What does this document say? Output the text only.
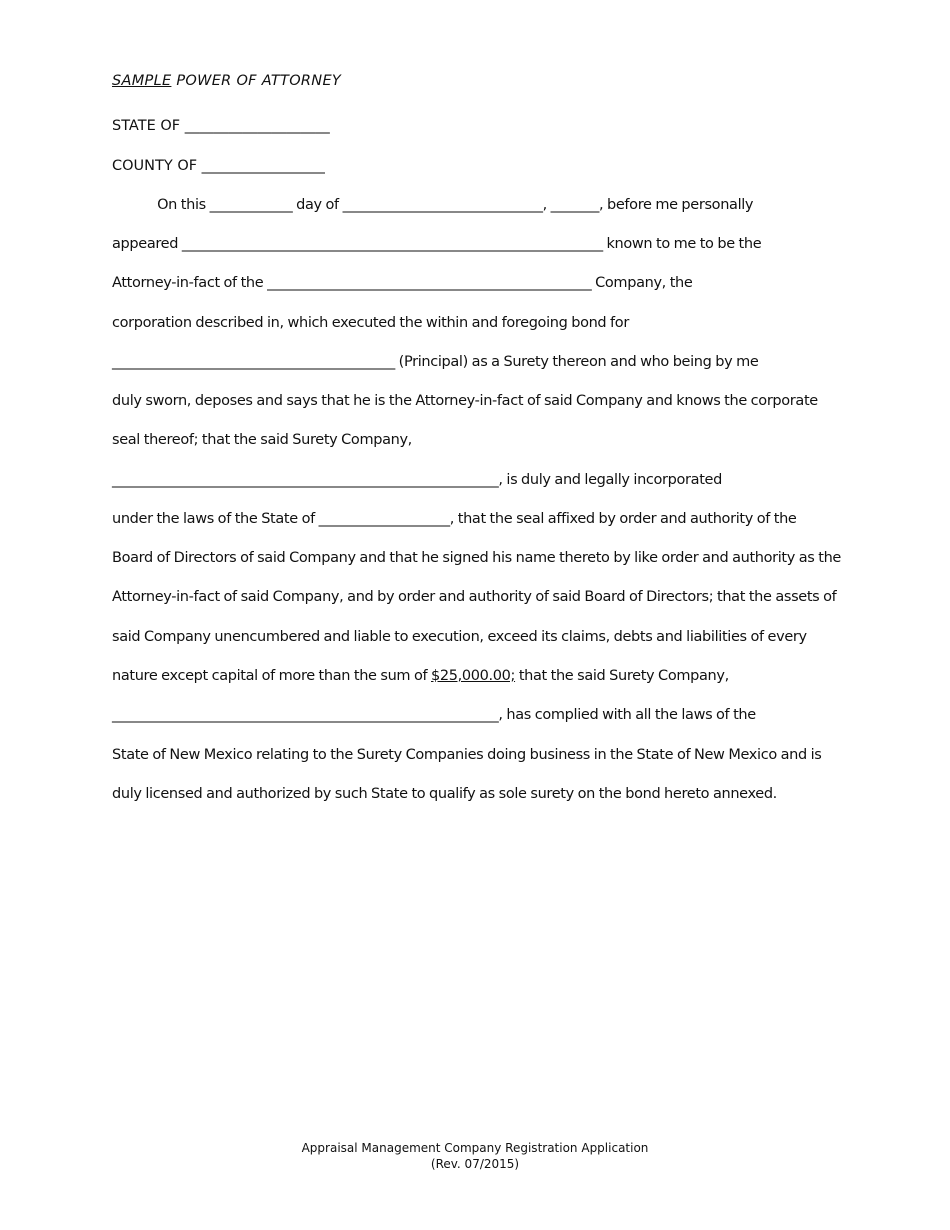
SAMPLE POWER OF ATTORNEY
STATE OF ____________________
COUNTY OF _________________
On this ____________ day of _____________________________, _______, before me personally
appeared _____________________________________________________________ known to me to be the
Attorney-in-fact of the _______________________________________________ Company, the
corporation described in, which executed the within and foregoing bond for
_________________________________________ (Principal) as a Surety thereon and who being by me
duly sworn, deposes and says that he is the Attorney-in-fact of said Company and knows the corporate
seal thereof; that the said Surety Company,
________________________________________________________, is duly and legally incorporated
under the laws of the State of ___________________, that the seal affixed by order and authority of the
Board of Directors of said Company and that he signed his name thereto by like order and authority as the
Attorney-in-fact of said Company, and by order and authority of said Board of Directors; that the assets of
said Company unencumbered and liable to execution, exceed its claims, debts and liabilities of every
nature except capital of more than the sum of $25,000.00; that the said Surety Company,
________________________________________________________, has complied with all the laws of the
State of New Mexico relating to the Surety Companies doing business in the State of New Mexico and is
duly licensed and authorized by such State to qualify as sole surety on the bond hereto annexed.
Appraisal Management Company Registration Application
(Rev. 07/2015)
